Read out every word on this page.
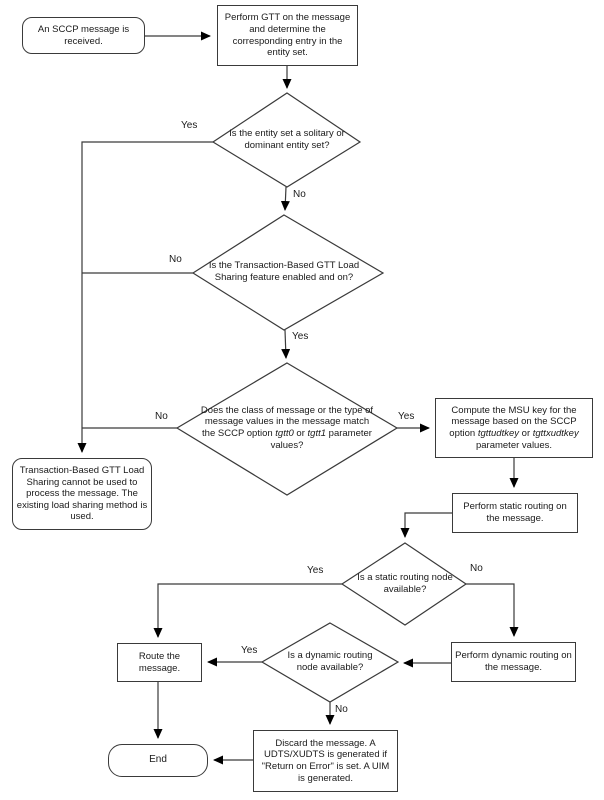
An SCCP message is received.
Perform GTT on the message and determine the corresponding entry in the entity set.
Transaction-Based GTT Load Sharing cannot be used to process the message. The existing load sharing method is used.
Compute the MSU key for the message based on the SCCP option tgttudtkey or tgttxudtkey parameter values.
Perform static routing on the message.
Route the message.
Perform dynamic routing on the message.
Discard the message. A UDTS/XUDTS is generated if "Return on Error" is set. A UIM is generated.
End
Is the entity set a solitary or dominant entity set?
Is the Transaction-Based GTT Load Sharing feature enabled and on?
Does the class of message or the type of message values in the message match the SCCP option tgtt0 or tgtt1 parameter values?
Is a static routing node available?
Is a dynamic routing node available?
Yes
No
No
Yes
No	Yes
Yes	No
Yes
No
